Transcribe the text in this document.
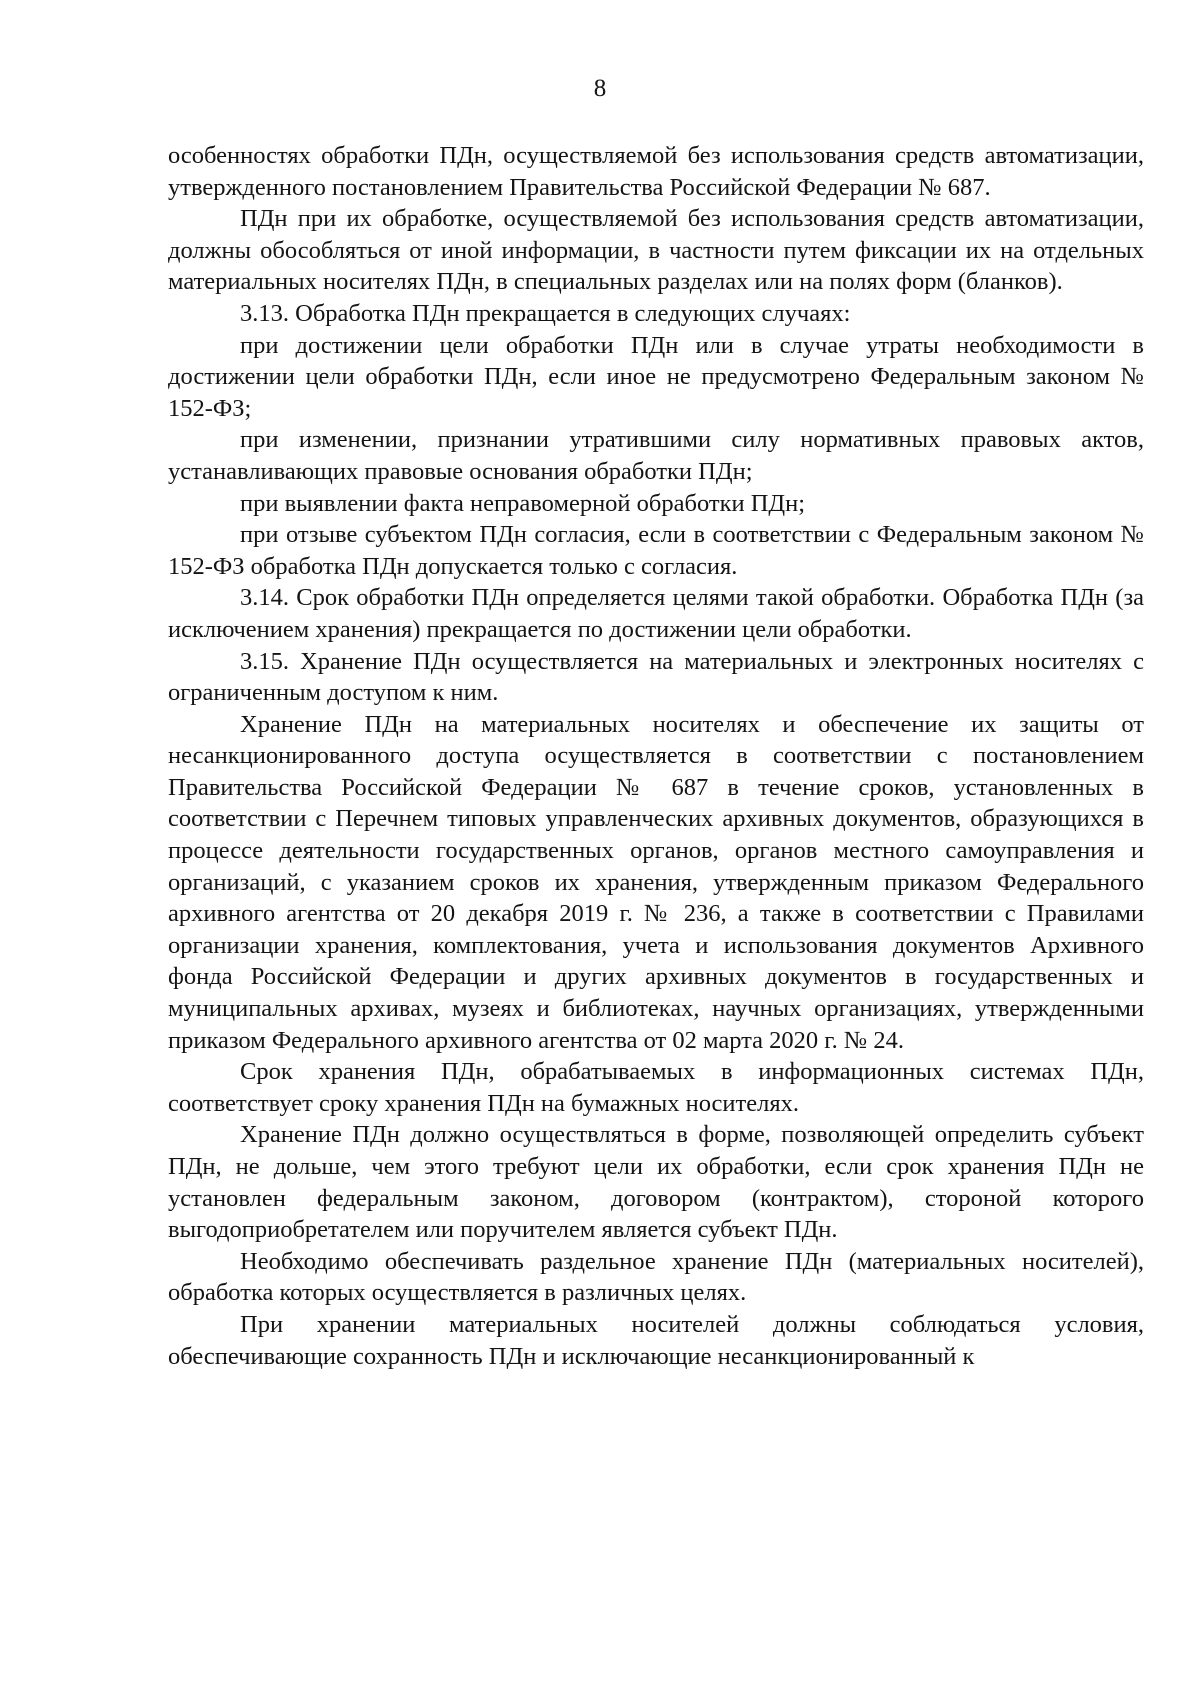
8

особенностях обработки ПДн, осуществляемой без использования средств автоматизации, утвержденного постановлением Правительства Российской Федерации № 687.

ПДн при их обработке, осуществляемой без использования средств автоматизации, должны обособляться от иной информации, в частности путем фиксации их на отдельных материальных носителях ПДн, в специальных разделах или на полях форм (бланков).

3.13. Обработка ПДн прекращается в следующих случаях:

при достижении цели обработки ПДн или в случае утраты необходимости в достижении цели обработки ПДн, если иное не предусмотрено Федеральным законом № 152-ФЗ;

при изменении, признании утратившими силу нормативных правовых актов, устанавливающих правовые основания обработки ПДн;

при выявлении факта неправомерной обработки ПДн;

при отзыве субъектом ПДн согласия, если в соответствии с Федеральным законом № 152-ФЗ обработка ПДн допускается только с согласия.

3.14. Срок обработки ПДн определяется целями такой обработки. Обработка ПДн (за исключением хранения) прекращается по достижении цели обработки.

3.15. Хранение ПДн осуществляется на материальных и электронных носителях с ограниченным доступом к ним.

Хранение ПДн на материальных носителях и обеспечение их защиты от несанкционированного доступа осуществляется в соответствии с постановлением Правительства Российской Федерации № 687 в течение сроков, установленных в соответствии с Перечнем типовых управленческих архивных документов, образующихся в процессе деятельности государственных органов, органов местного самоуправления и организаций, с указанием сроков их хранения, утвержденным приказом Федерального архивного агентства от 20 декабря 2019 г. № 236, а также в соответствии с Правилами организации хранения, комплектования, учета и использования документов Архивного фонда Российской Федерации и других архивных документов в государственных и муниципальных архивах, музеях и библиотеках, научных организациях, утвержденными приказом Федерального архивного агентства от 02 марта 2020 г. № 24.

Срок хранения ПДн, обрабатываемых в информационных системах ПДн, соответствует сроку хранения ПДн на бумажных носителях.

Хранение ПДн должно осуществляться в форме, позволяющей определить субъект ПДн, не дольше, чем этого требуют цели их обработки, если срок хранения ПДн не установлен федеральным законом, договором (контрактом), стороной которого выгодоприобретателем или поручителем является субъект ПДн.

Необходимо обеспечивать раздельное хранение ПДн (материальных носителей), обработка которых осуществляется в различных целях.

При хранении материальных носителей должны соблюдаться условия, обеспечивающие сохранность ПДн и исключающие несанкционированный к
